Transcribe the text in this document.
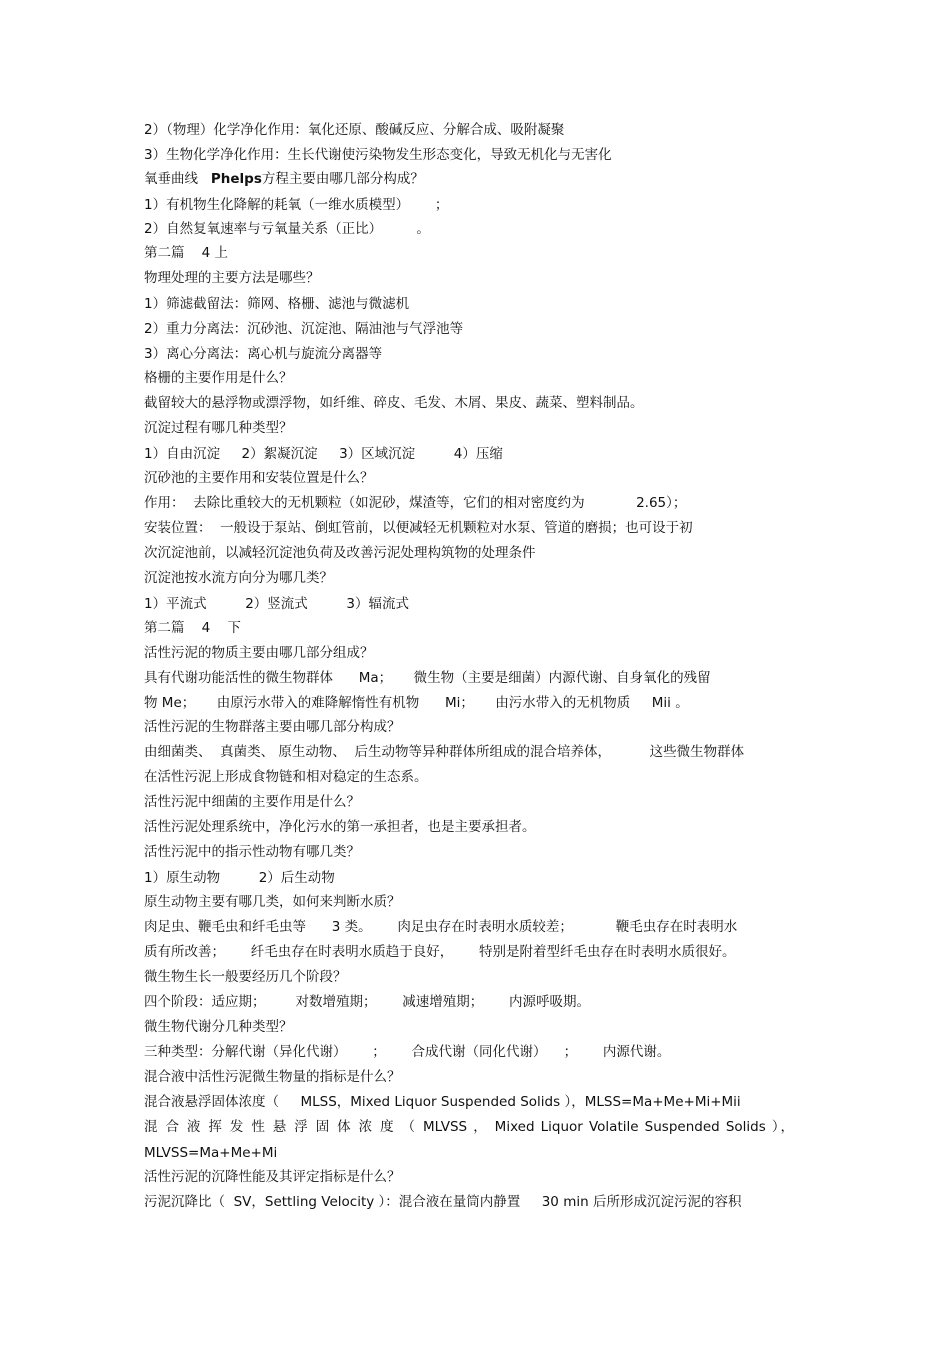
2）（物理）化学净化作用：氧化还原、酸碱反应、分解合成、吸附凝聚
3）生物化学净化作用：生长代谢使污染物发生形态变化，导致无机化与无害化
氧垂曲线 Phelps方程主要由哪几部分构成？
1）有机物生化降解的耗氧（一维水质模型）      ；
2）自然复氧速率与亏氧量关系（正比）        。
第二篇    4 上
物理处理的主要方法是哪些？
1）筛滤截留法：筛网、格栅、滤池与微滤机
2）重力分离法：沉砂池、沉淀池、隔油池与气浮池等
3）离心分离法：离心机与旋流分离器等
格栅的主要作用是什么？
截留较大的悬浮物或漂浮物，如纤维、碎皮、毛发、木屑、果皮、蔬菜、塑料制品。
沉淀过程有哪几种类型？
1）自由沉淀     2）絮凝沉淀     3）区域沉淀         4）压缩
沉砂池的主要作用和安装位置是什么？
作用：  去除比重较大的无机颗粒（如泥砂，煤渣等，它们的相对密度约为            2.65）；
安装位置：  一般设于泵站、倒虹管前，以便减轻无机颗粒对水泵、管道的磨损；也可设于初
次沉淀池前，以减轻沉淀池负荷及改善污泥处理构筑物的处理条件
沉淀池按水流方向分为哪几类？
1）平流式         2）竖流式         3）辐流式
第二篇    4    下
活性污泥的物质主要由哪几部分组成？
具有代谢功能活性的微生物群体      Ma；     微生物（主要是细菌）内源代谢、自身氧化的残留
物 Me；     由原污水带入的难降解惰性有机物      Mi；     由污水带入的无机物质     Mii 。
活性污泥的生物群落主要由哪几部分构成？
由细菌类、  真菌类、 原生动物、  后生动物等异种群体所组成的混合培养体，         这些微生物群体
在活性污泥上形成食物链和相对稳定的生态系。
活性污泥中细菌的主要作用是什么？
活性污泥处理系统中，净化污水的第一承担者，也是主要承担者。
活性污泥中的指示性动物有哪几类？
1）原生动物         2）后生动物
原生动物主要有哪几类，如何来判断水质？
肉足虫、鞭毛虫和纤毛虫等      3 类。      肉足虫存在时表明水质较差；          鞭毛虫存在时表明水
质有所改善；      纤毛虫存在时表明水质趋于良好，      特别是附着型纤毛虫存在时表明水质很好。
微生物生长一般要经历几个阶段？
四个阶段：适应期；       对数增殖期；      减速增殖期；      内源呼吸期。
微生物代谢分几种类型？
三种类型：分解代谢（异化代谢）      ；      合成代谢（同化代谢）    ；      内源代谢。
混合液中活性污泥微生物量的指标是什么？
混合液悬浮固体浓度（     MLSS，Mixed Liquor Suspended Solids ），MLSS=Ma+Me+Mi+Mii
混 合 液 挥 发 性 悬 浮 固 体 浓 度 （ MLVSS ， Mixed Liquor Volatile Suspended Solids ），
MLVSS=Ma+Me+Mi
活性污泥的沉降性能及其评定指标是什么？
污泥沉降比（  SV，Settling Velocity ）：混合液在量筒内静置     30 min 后所形成沉淀污泥的容积
